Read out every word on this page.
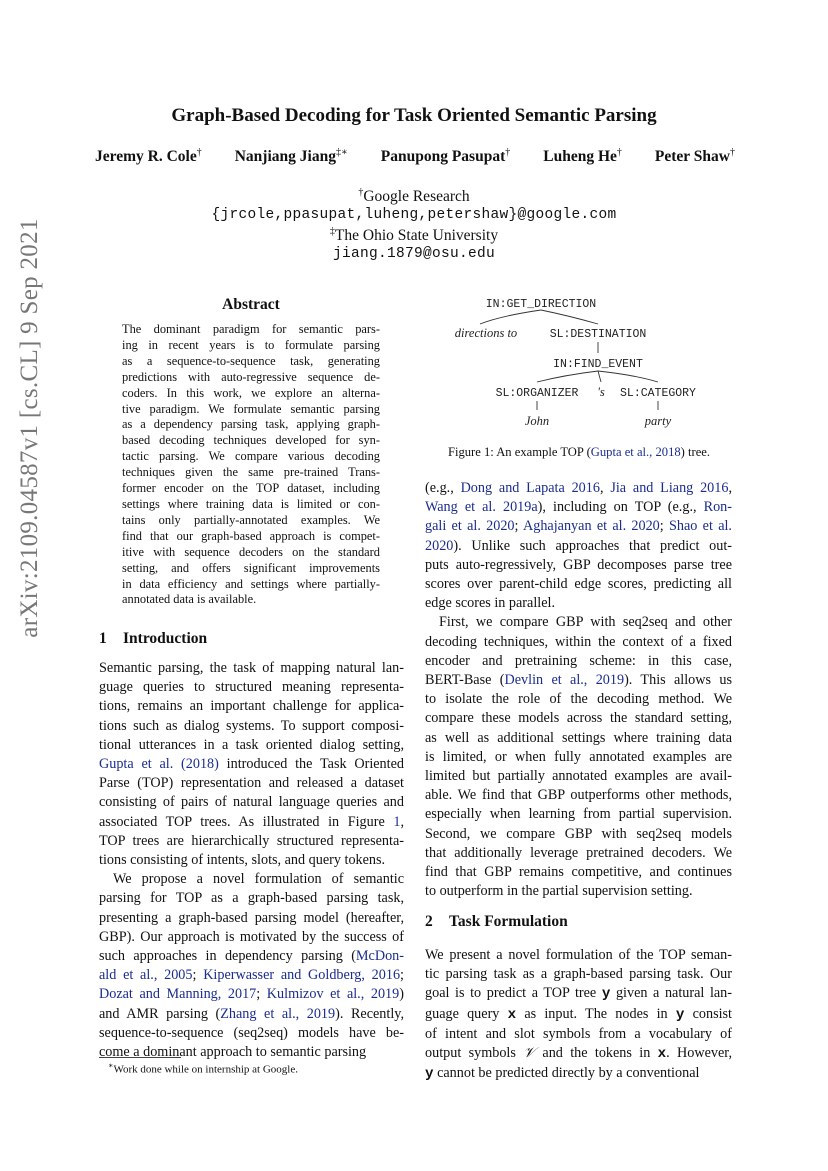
arXiv:2109.04587v1 [cs.CL] 9 Sep 2021
Graph-Based Decoding for Task Oriented Semantic Parsing
Jeremy R. Cole† Nanjiang Jiang‡∗ Panupong Pasupat† Luheng He† Peter Shaw†
†Google Research
{jrcole,ppasupat,luheng,petershaw}@google.com
‡The Ohio State University
jiang.1879@osu.edu
Abstract
The dominant paradigm for semantic pars-
ing in recent years is to formulate parsing
as a sequence-to-sequence task, generating
predictions with auto-regressive sequence de-
coders. In this work, we explore an alterna-
tive paradigm. We formulate semantic parsing
as a dependency parsing task, applying graph-
based decoding techniques developed for syn-
tactic parsing. We compare various decoding
techniques given the same pre-trained Trans-
former encoder on the TOP dataset, including
settings where training data is limited or con-
tains only partially-annotated examples. We
find that our graph-based approach is compet-
itive with sequence decoders on the standard
setting, and offers significant improvements
in data efficiency and settings where partially-
annotated data is available.
1 Introduction
Semantic parsing, the task of mapping natural lan-
guage queries to structured meaning representa-
tions, remains an important challenge for applica-
tions such as dialog systems. To support composi-
tional utterances in a task oriented dialog setting,
Gupta et al. (2018) introduced the Task Oriented
Parse (TOP) representation and released a dataset
consisting of pairs of natural language queries and
associated TOP trees. As illustrated in Figure 1,
TOP trees are hierarchically structured representa-
tions consisting of intents, slots, and query tokens.
We propose a novel formulation of semantic
parsing for TOP as a graph-based parsing task,
presenting a graph-based parsing model (hereafter,
GBP). Our approach is motivated by the success of
such approaches in dependency parsing (McDon-
ald et al., 2005; Kiperwasser and Goldberg, 2016;
Dozat and Manning, 2017; Kulmizov et al., 2019)
and AMR parsing (Zhang et al., 2019). Recently,
sequence-to-sequence (seq2seq) models have be-
come a dominant approach to semantic parsing
∗Work done while on internship at Google.
IN:GET_DIRECTION
directions to	SL:DESTINATION
IN:FIND_EVENT
SL:ORGANIZER 's SL:CATEGORY
John	party
Figure 1: An example TOP (Gupta et al., 2018) tree.
(e.g., Dong and Lapata 2016, Jia and Liang 2016,
Wang et al. 2019a), including on TOP (e.g., Ron-
gali et al. 2020; Aghajanyan et al. 2020; Shao et al.
2020). Unlike such approaches that predict out-
puts auto-regressively, GBP decomposes parse tree
scores over parent-child edge scores, predicting all
edge scores in parallel.
First, we compare GBP with seq2seq and other
decoding techniques, within the context of a fixed
encoder and pretraining scheme: in this case,
BERT-Base (Devlin et al., 2019). This allows us
to isolate the role of the decoding method. We
compare these models across the standard setting,
as well as additional settings where training data
is limited, or when fully annotated examples are
limited but partially annotated examples are avail-
able. We find that GBP outperforms other methods,
especially when learning from partial supervision.
Second, we compare GBP with seq2seq models
that additionally leverage pretrained decoders. We
find that GBP remains competitive, and continues
to outperform in the partial supervision setting.
2 Task Formulation
We present a novel formulation of the TOP seman-
tic parsing task as a graph-based parsing task. Our
goal is to predict a TOP tree y given a natural lan-
guage query x as input. The nodes in y consist
of intent and slot symbols from a vocabulary of
output symbols 𝒱 and the tokens in x. However,
y cannot be predicted directly by a conventional
